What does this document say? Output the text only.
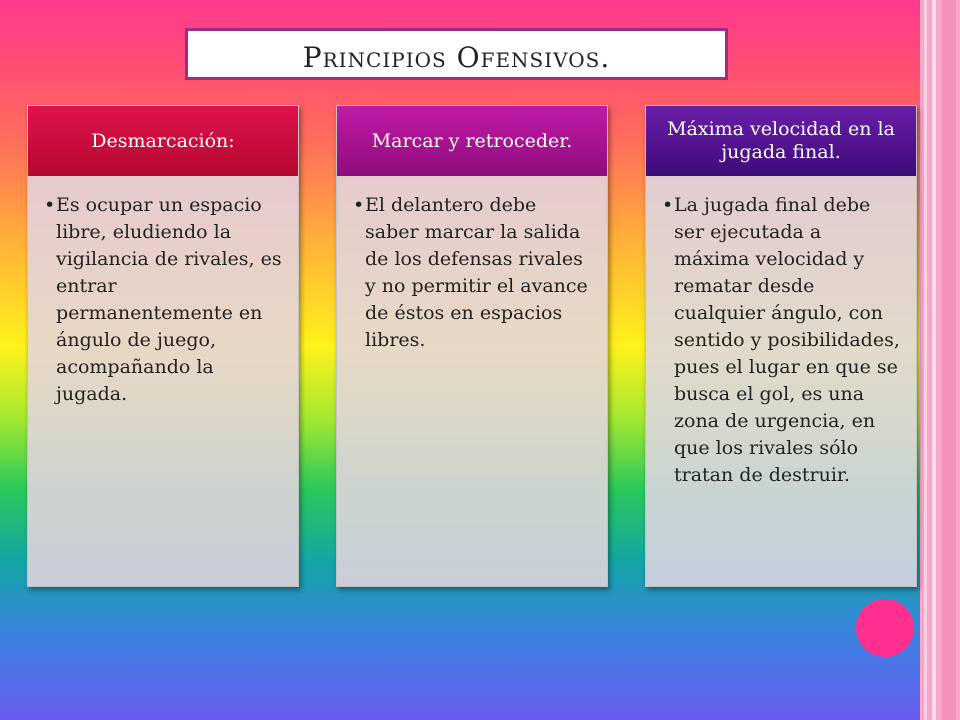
Principios Ofensivos.
Desmarcación:
• Es ocupar un espacio libre, eludiendo la vigilancia de rivales, es entrar permanentemente en ángulo de juego, acompañando la jugada.
Marcar y retroceder.
• El delantero debe saber marcar la salida de los defensas rivales y no permitir el avance de éstos en espacios libres.
Máxima velocidad en la jugada final.
• La jugada final debe ser ejecutada a máxima velocidad y rematar desde cualquier ángulo, con sentido y posibilidades, pues el lugar en que se busca el gol, es una zona de urgencia, en que los rivales sólo tratan de destruir.
